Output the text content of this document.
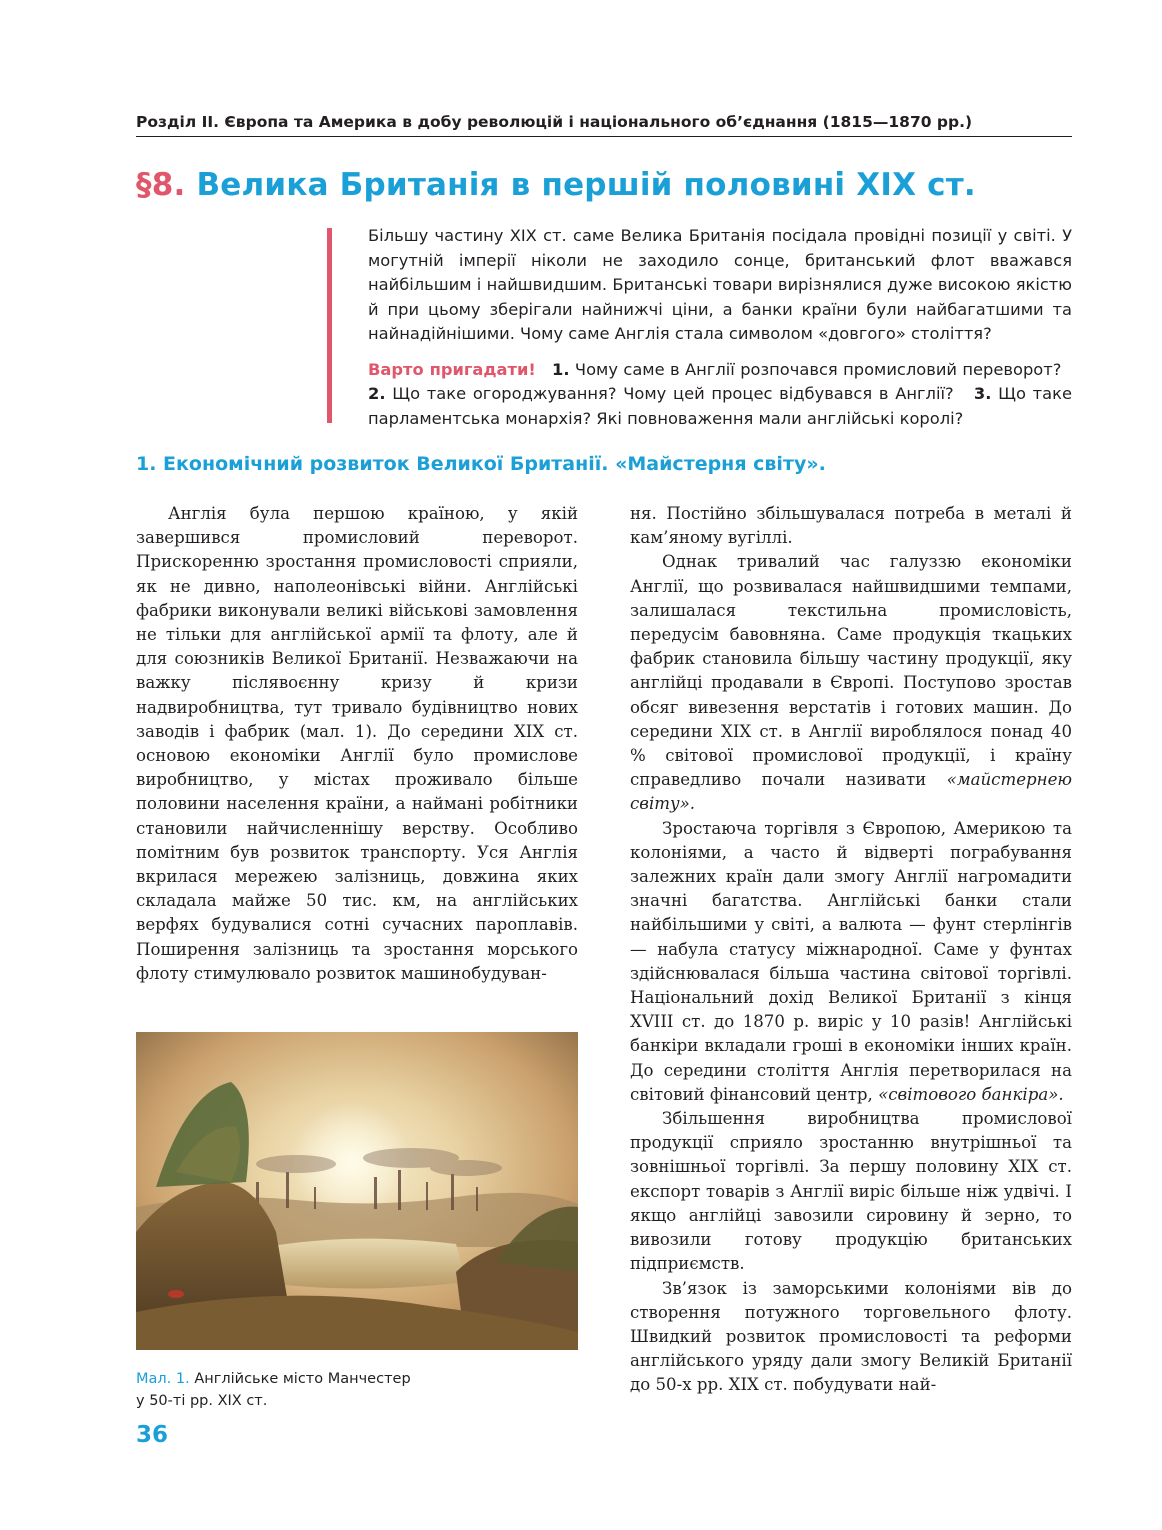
Розділ ІІ. Європа та Америка в добу революцій і національного об’єднання (1815—1870 рр.)
§8. Велика Британія в першій половині ХІХ ст.

Більшу частину ХІХ ст. саме Велика Британія посідала провідні позиції у світі. У могутній імперії ніколи не заходило сонце, британський флот вважався найбільшим і найшвидшим. Британські товари вирізнялися дуже високою якістю й при цьому зберігали найнижчі ціни, а банки країни були найбагатшими та найнадійнішими. Чому саме Англія стала символом «довгого» століття?

Варто пригадати! 1. Чому саме в Англії розпочався промисловий переворот?   2. Що таке огороджування? Чому цей процес відбувався в Англії? 3. Що таке парламентська монархія? Які повноваження мали англійські королі?

1. Економічний розвиток Великої Британії. «Майстерня світу».

Англія була першою країною, у якій завершився промисловий переворот. Прискоренню зростання промисловості сприяли, як не дивно, наполеонівські війни. Англійські фабрики виконували великі військові замовлення не тільки для англійської армії та флоту, але й для союзників Великої Британії. Незважаючи на важку післявоєнну кризу й кризи надвиробництва, тут тривало будівництво нових заводів і фабрик (мал. 1). До середини ХІХ ст. основою економіки Англії було промислове виробництво, у містах проживало більше половини населення країни, а наймані робітники становили найчисленнішу верству. Особливо помітним був розвиток транспорту. Уся Англія вкрилася мережею залізниць, довжина яких складала майже 50 тис. км, на англійських верфях будувалися сотні сучасних пароплавів. Поширення залізниць та зростання морського флоту стимулювало розвиток машинобудуван-

Мал. 1. Англійське місто Манчестер
у 50-ті рр. ХІХ ст.

ня. Постійно збільшувалася потреба в металі й кам’яному вугіллі.

Однак тривалий час галуззю економіки Англії, що розвивалася найшвидшими темпами, залишалася текстильна промисловість, передусім бавовняна. Саме продукція ткацьких фабрик становила більшу частину продукції, яку англійці продавали в Європі. Поступово зростав обсяг вивезення верстатів і готових машин. До середини ХІХ ст. в Англії вироблялося понад 40 % світової промислової продукції, і країну справедливо почали називати «майстернею світу».

Зростаюча торгівля з Європою, Америкою та колоніями, а часто й відверті пограбування залежних країн дали змогу Англії нагромадити значні багатства. Англійські банки стали найбільшими у світі, а валюта — фунт стерлінгів — набула статусу міжнародної. Саме у фунтах здійснювалася більша частина світової торгівлі. Національний дохід Великої Британії з кінця XVIII ст. до 1870 р. виріс у 10 разів! Англійські банкіри вкладали гроші в економіки інших країн. До середини століття Англія перетворилася на світовий фінансовий центр, «світового банкіра».

Збільшення виробництва промислової продукції сприяло зростанню внутрішньої та зовнішньої торгівлі. За першу половину ХІХ ст. експорт товарів з Англії виріс більше ніж удвічі. І якщо англійці завозили сировину й зерно, то вивозили готову продукцію британських підприємств.

Зв’язок із заморськими колоніями вів до створення потужного торговельного флоту. Швидкий розвиток промисловості та реформи англійського уряду дали змогу Великій Британії до 50-х рр. ХІХ ст. побудувати най-

36
